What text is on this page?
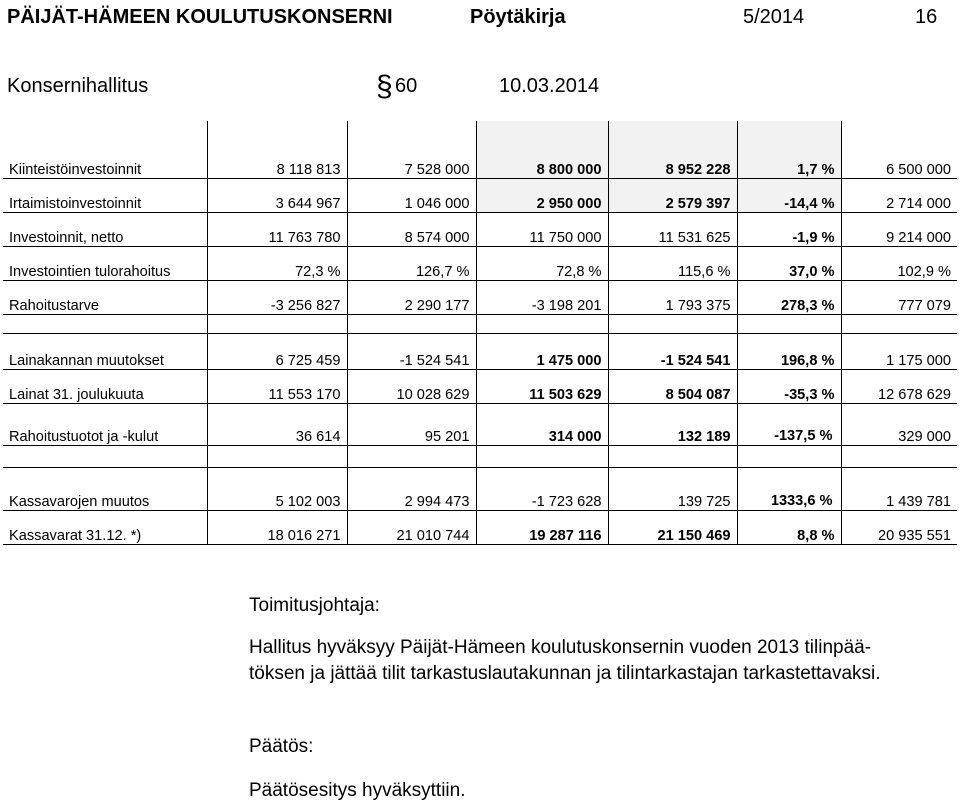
PÄIJÄT-HÄMEEN KOULUTUSKONSERNI	Pöytäkirja	5/2014	16
Konsernihallitus	§ 60	10.03.2014

Kiinteistöinvestoinnit	8 118 813	7 528 000	8 800 000	8 952 228	1,7 %	6 500 000
Irtaimistoinvestoinnit	3 644 967	1 046 000	2 950 000	2 579 397	-14,4 %	2 714 000
Investoinnit, netto	11 763 780	8 574 000	11 750 000	11 531 625	-1,9 %	9 214 000
Investointien tulorahoitus	72,3 %	126,7 %	72,8 %	115,6 %	37,0 %	102,9 %
Rahoitustarve	-3 256 827	2 290 177	-3 198 201	1 793 375	278,3 %	777 079

Lainakannan muutokset	6 725 459	-1 524 541	1 475 000	-1 524 541	196,8 %	1 175 000
Lainat 31. joulukuuta	11 553 170	10 028 629	11 503 629	8 504 087	-35,3 %	12 678 629
Rahoitustuotot ja -kulut	36 614	95 201	314 000	132 189	-137,5 %	329 000

Kassavarojen muutos	5 102 003	2 994 473	-1 723 628	139 725	1333,6 %	1 439 781
Kassavarat 31.12. *)	18 016 271	21 010 744	19 287 116	21 150 469	8,8 %	20 935 551
Toimitusjohtaja:
Hallitus hyväksyy Päijät-Hämeen koulutuskonsernin vuoden 2013 tilinpää-
töksen ja jättää tilit tarkastuslautakunnan ja tilintarkastajan tarkastettavaksi.
Päätös:
Päätösesitys hyväksyttiin.
